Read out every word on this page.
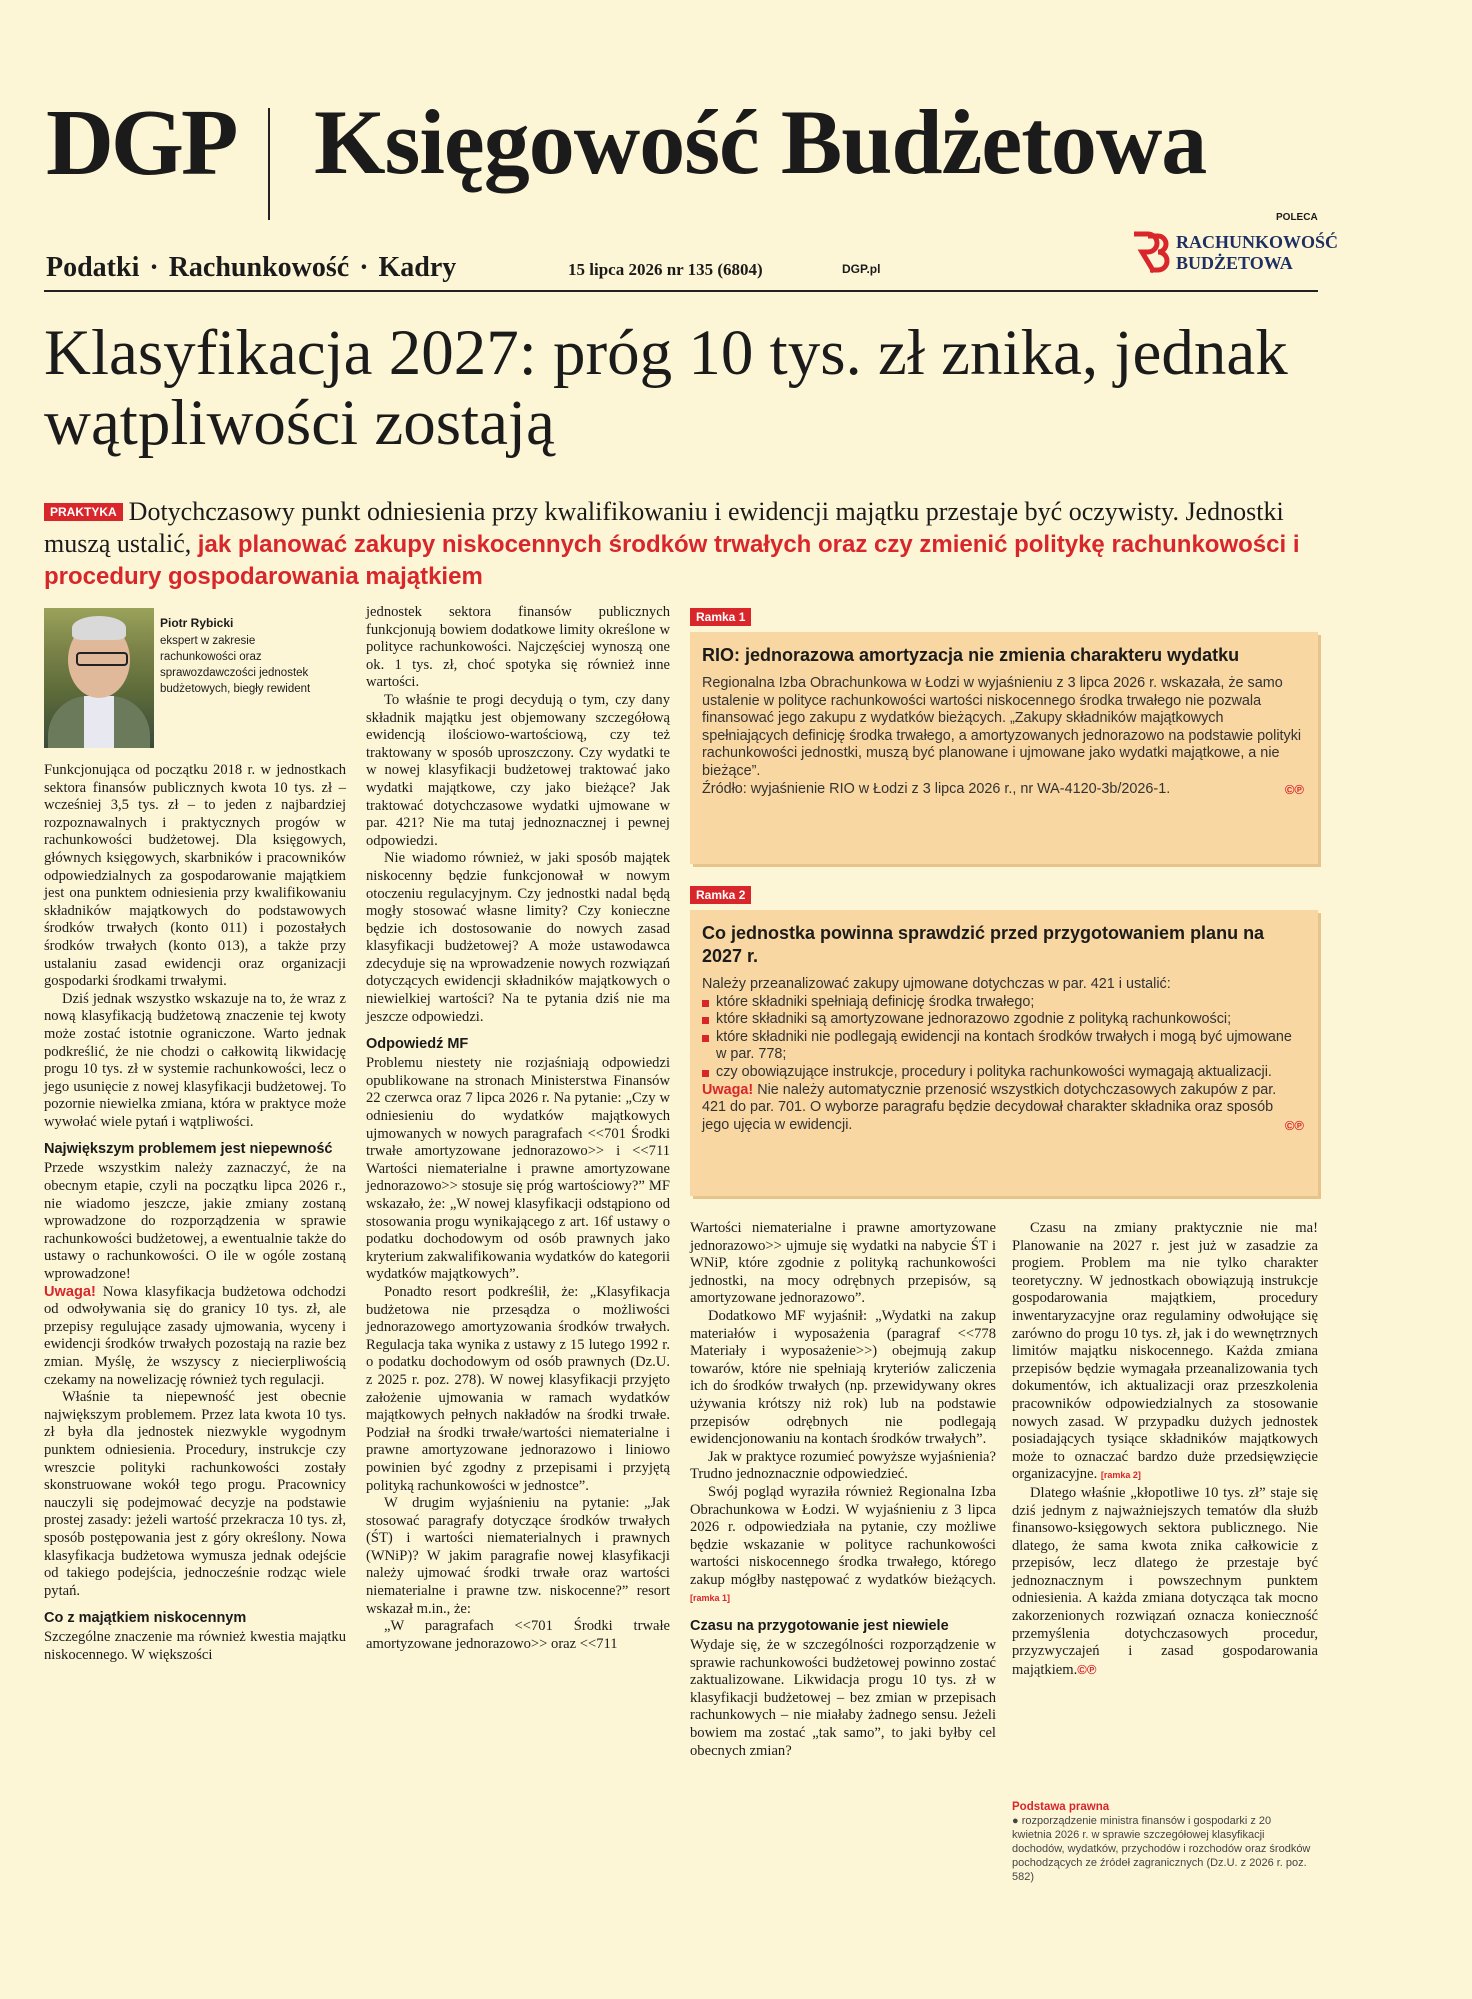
DGP Księgowość Budżetowa
Podatki · Rachunkowość · Kadry	15 lipca 2026 nr 135 (6804)	DGP.pl
POLECA
RACHUNKOWOŚĆ
BUDŻETOWA
Klasyfikacja 2027: próg 10 tys. zł znika, jednak wątpliwości zostają
PRAKTYKA Dotychczasowy punkt odniesienia przy kwalifikowaniu i ewidencji majątku przestaje być oczywisty. Jednostki muszą ustalić, jak planować zakupy niskocennych środków trwałych oraz czy zmienić politykę rachunkowości i procedury gospodarowania majątkiem
Piotr Rybicki
ekspert w zakresie rachunkowości oraz sprawozdawczości jednostek budżetowych, biegły rewident

Funkcjonująca od początku 2018 r. w jednostkach sektora finansów publicznych kwota 10 tys. zł – wcześniej 3,5 tys. zł – to jeden z najbardziej rozpoznawalnych i praktycznych progów w rachunkowości budżetowej. Dla księgowych, głównych księgowych, skarbników i pracowników odpowiedzialnych za gospodarowanie majątkiem jest ona punktem odniesienia przy kwalifikowaniu składników majątkowych do podstawowych środków trwałych (konto 011) i pozostałych środków trwałych (konto 013), a także przy ustalaniu zasad ewidencji oraz organizacji gospodarki środkami trwałymi.

Dziś jednak wszystko wskazuje na to, że wraz z nową klasyfikacją budżetową znaczenie tej kwoty może zostać istotnie ograniczone. Warto jednak podkreślić, że nie chodzi o całkowitą likwidację progu 10 tys. zł w systemie rachunkowości, lecz o jego usunięcie z nowej klasyfikacji budżetowej. To pozornie niewielka zmiana, która w praktyce może wywołać wiele pytań i wątpliwości.

Największym problemem jest niepewność

Przede wszystkim należy zaznaczyć, że na obecnym etapie, czyli na początku lipca 2026 r., nie wiadomo jeszcze, jakie zmiany zostaną wprowadzone do rozporządzenia w sprawie rachunkowości budżetowej, a ewentualnie także do ustawy o rachunkowości. O ile w ogóle zostaną wprowadzone!

Uwaga! Nowa klasyfikacja budżetowa odchodzi od odwoływania się do granicy 10 tys. zł, ale przepisy regulujące zasady ujmowania, wyceny i ewidencji środków trwałych pozostają na razie bez zmian. Myślę, że wszyscy z niecierpliwością czekamy na nowelizację również tych regulacji.

Właśnie ta niepewność jest obecnie największym problemem. Przez lata kwota 10 tys. zł była dla jednostek niezwykle wygodnym punktem odniesienia. Procedury, instrukcje czy wreszcie polityki rachunkowości zostały skonstruowane wokół tego progu. Pracownicy nauczyli się podejmować decyzje na podstawie prostej zasady: jeżeli wartość przekracza 10 tys. zł, sposób postępowania jest z góry określony. Nowa klasyfikacja budżetowa wymusza jednak odejście od takiego podejścia, jednocześnie rodząc wiele pytań.

Co z majątkiem niskocennym

Szczególne znaczenie ma również kwestia majątku niskocennego. W większości

jednostek sektora finansów publicznych funkcjonują bowiem dodatkowe limity określone w polityce rachunkowości. Najczęściej wynoszą one ok. 1 tys. zł, choć spotyka się również inne wartości.

To właśnie te progi decydują o tym, czy dany składnik majątku jest objemowany szczegółową ewidencją ilościowo-wartościową, czy też traktowany w sposób uproszczony. Czy wydatki te w nowej klasyfikacji budżetowej traktować jako wydatki majątkowe, czy jako bieżące? Jak traktować dotychczasowe wydatki ujmowane w par. 421? Nie ma tutaj jednoznacznej i pewnej odpowiedzi.

Nie wiadomo również, w jaki sposób majątek niskocenny będzie funkcjonował w nowym otoczeniu regulacyjnym. Czy jednostki nadal będą mogły stosować własne limity? Czy konieczne będzie ich dostosowanie do nowych zasad klasyfikacji budżetowej? A może ustawodawca zdecyduje się na wprowadzenie nowych rozwiązań dotyczących ewidencji składników majątkowych o niewielkiej wartości? Na te pytania dziś nie ma jeszcze odpowiedzi.

Odpowiedź MF

Problemu niestety nie rozjaśniają odpowiedzi opublikowane na stronach Ministerstwa Finansów 22 czerwca oraz 7 lipca 2026 r. Na pytanie: „Czy w odniesieniu do wydatków majątkowych ujmowanych w nowych paragrafach <<701 Środki trwałe amortyzowane jednorazowo>> i <<711 Wartości niematerialne i prawne amortyzowane jednorazowo>> stosuje się próg wartościowy?” MF wskazało, że: „W nowej klasyfikacji odstąpiono od stosowania progu wynikającego z art. 16f ustawy o podatku dochodowym od osób prawnych jako kryterium zakwalifikowania wydatków do kategorii wydatków majątkowych”.

Ponadto resort podkreślił, że: „Klasyfikacja budżetowa nie przesądza o możliwości jednorazowego amortyzowania środków trwałych. Regulacja taka wynika z ustawy z 15 lutego 1992 r. o podatku dochodowym od osób prawnych (Dz.U. z 2025 r. poz. 278). W nowej klasyfikacji przyjęto założenie ujmowania w ramach wydatków majątkowych pełnych nakładów na środki trwałe. Podział na środki trwałe/wartości niematerialne i prawne amortyzowane jednorazowo i liniowo powinien być zgodny z przepisami i przyjętą polityką rachunkowości w jednostce”.

W drugim wyjaśnieniu na pytanie: „Jak stosować paragrafy dotyczące środków trwałych (ŚT) i wartości niematerialnych i prawnych (WNiP)? W jakim paragrafie nowej klasyfikacji należy ujmować środki trwałe oraz wartości niematerialne i prawne tzw. niskocenne?” resort wskazał m.in., że:

„W paragrafach <<701 Środki trwałe amortyzowane jednorazowo>> oraz <<711

Ramka 1
RIO: jednorazowa amortyzacja nie zmienia charakteru wydatku
Regionalna Izba Obrachunkowa w Łodzi w wyjaśnieniu z 3 lipca 2026 r. wskazała, że samo ustalenie w polityce rachunkowości wartości niskocennego środka trwałego nie pozwala finansować jego zakupu z wydatków bieżących. „Zakupy składników majątkowych spełniających definicję środka trwałego, a amortyzowanych jednorazowo na podstawie polityki rachunkowości jednostki, muszą być planowane i ujmowane jako wydatki majątkowe, a nie bieżące”.
Źródło: wyjaśnienie RIO w Łodzi z 3 lipca 2026 r., nr WA-4120-3b/2026-1.	©℗
Ramka 2
Co jednostka powinna sprawdzić przed przygotowaniem planu na 2027 r.
Należy przeanalizować zakupy ujmowane dotychczas w par. 421 i ustalić:
które składniki spełniają definicję środka trwałego;
które składniki są amortyzowane jednorazowo zgodnie z polityką rachunkowości;
które składniki nie podlegają ewidencji na kontach środków trwałych i mogą być ujmowane w par. 778;
czy obowiązujące instrukcje, procedury i polityka rachunkowości wymagają aktualizacji.
Uwaga! Nie należy automatycznie przenosić wszystkich dotychczasowych zakupów z par. 421 do par. 701. O wyborze paragrafu będzie decydował charakter składnika oraz sposób jego ujęcia w ewidencji.	©℗

Wartości niematerialne i prawne amortyzowane jednorazowo>> ujmuje się wydatki na nabycie ŚT i WNiP, które zgodnie z polityką rachunkowości jednostki, na mocy odrębnych przepisów, są amortyzowane jednorazowo”.

Dodatkowo MF wyjaśnił: „Wydatki na zakup materiałów i wyposażenia (paragraf <<778 Materiały i wyposażenie>>) obejmują zakup towarów, które nie spełniają kryteriów zaliczenia ich do środków trwałych (np. przewidywany okres używania krótszy niż rok) lub na podstawie przepisów odrębnych nie podlegają ewidencjonowaniu na kontach środków trwałych”.

Jak w praktyce rozumieć powyższe wyjaśnienia? Trudno jednoznacznie odpowiedzieć.

Swój pogląd wyraziła również Regionalna Izba Obrachunkowa w Łodzi. W wyjaśnieniu z 3 lipca 2026 r. odpowiedziała na pytanie, czy możliwe będzie wskazanie w polityce rachunkowości wartości niskocennego środka trwałego, którego zakup mógłby następować z wydatków bieżących. [ramka 1]

Czasu na przygotowanie jest niewiele

Wydaje się, że w szczególności rozporządzenie w sprawie rachunkowości budżetowej powinno zostać zaktualizowane. Likwidacja progu 10 tys. zł w klasyfikacji budżetowej – bez zmian w przepisach rachunkowych – nie miałaby żadnego sensu. Jeżeli bowiem ma zostać „tak samo”, to jaki byłby cel obecnych zmian?

Czasu na zmiany praktycznie nie ma! Planowanie na 2027 r. jest już w zasadzie za progiem. Problem ma nie tylko charakter teoretyczny. W jednostkach obowiązują instrukcje gospodarowania majątkiem, procedury inwentaryzacyjne oraz regulaminy odwołujące się zarówno do progu 10 tys. zł, jak i do wewnętrznych limitów majątku niskocennego. Każda zmiana przepisów będzie wymagała przeanalizowania tych dokumentów, ich aktualizacji oraz przeszkolenia pracowników odpowiedzialnych za stosowanie nowych zasad. W przypadku dużych jednostek posiadających tysiące składników majątkowych może to oznaczać bardzo duże przedsięwzięcie organizacyjne. [ramka 2]

Dlatego właśnie „kłopotliwe 10 tys. zł” staje się dziś jednym z najważniejszych tematów dla służb finansowo-księgowych sektora publicznego. Nie dlatego, że sama kwota znika całkowicie z przepisów, lecz dlatego że przestaje być jednoznacznym i powszechnym punktem odniesienia. A każda zmiana dotycząca tak mocno zakorzenionych rozwiązań oznacza konieczność przemyślenia dotychczasowych procedur, przyzwyczajeń i zasad gospodarowania majątkiem.©℗

Podstawa prawna
● rozporządzenie ministra finansów i gospodarki z 20 kwietnia 2026 r. w sprawie szczegółowej klasyfikacji dochodów, wydatków, przychodów i rozchodów oraz środków pochodzących ze źródeł zagranicznych (Dz.U. z 2026 r. poz. 582)
